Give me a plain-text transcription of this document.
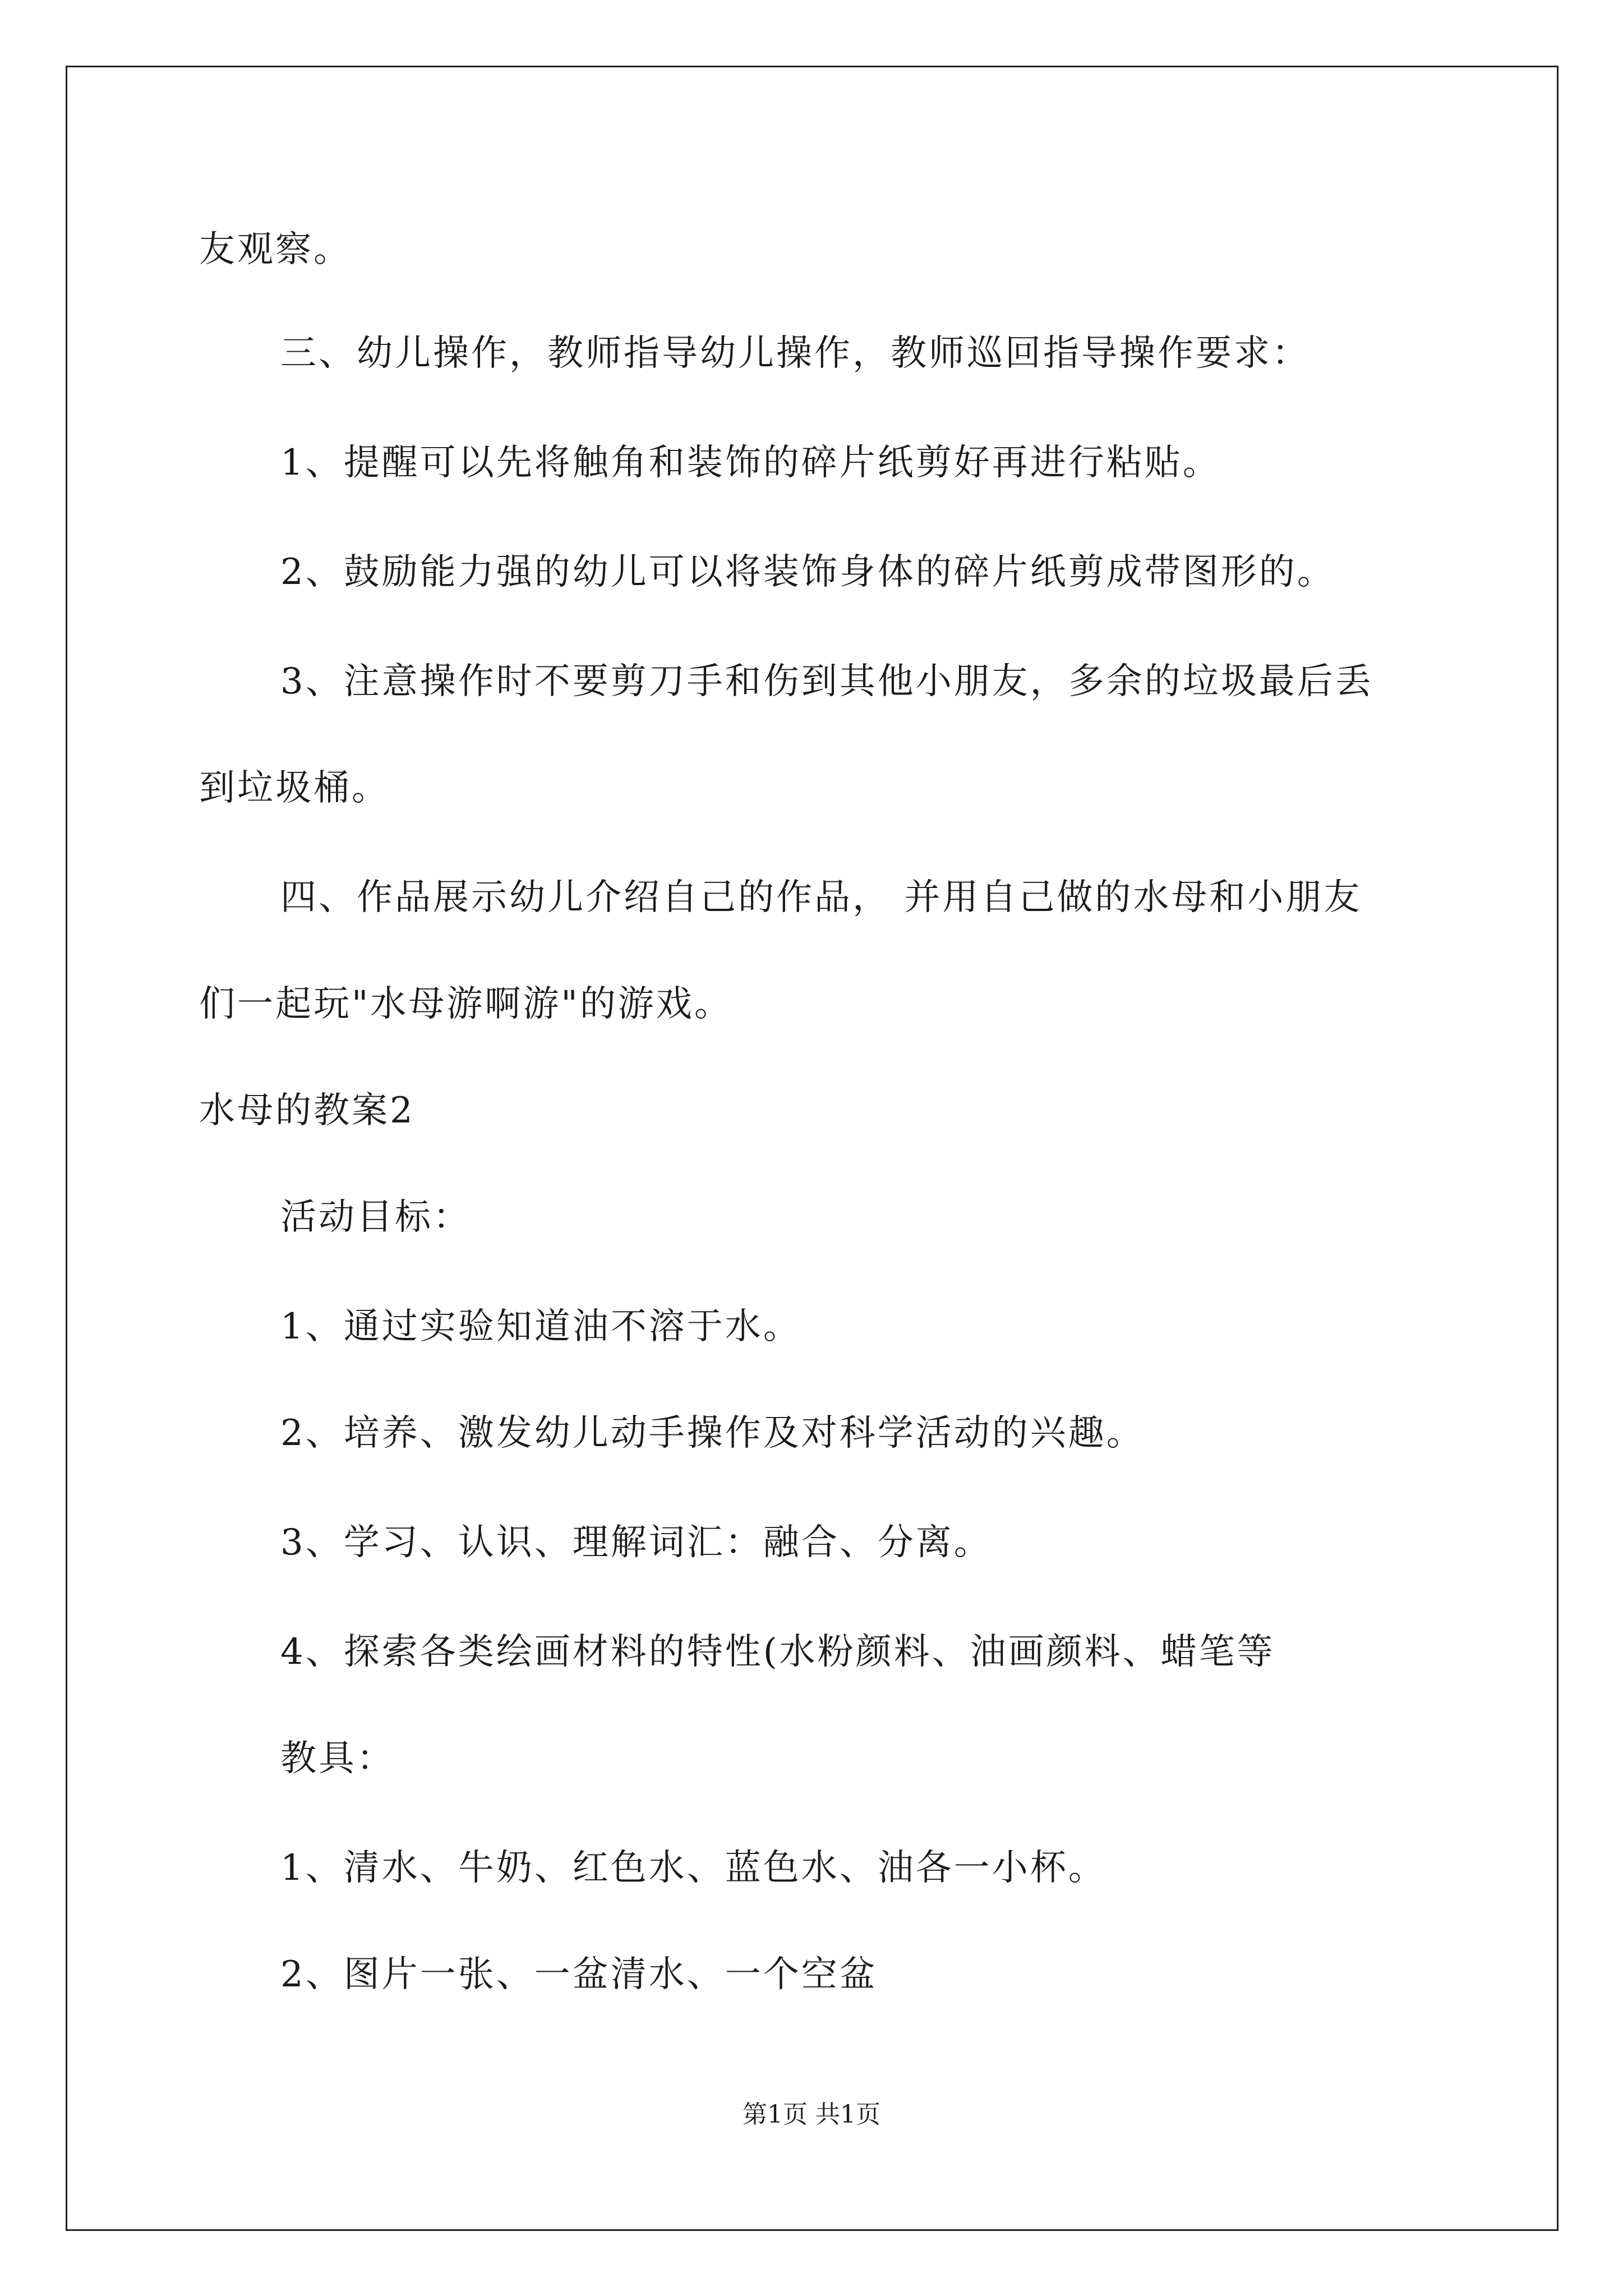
友观察。
三、幼儿操作，教师指导幼儿操作，教师巡回指导操作要求：
1、提醒可以先将触角和装饰的碎片纸剪好再进行粘贴。
2、鼓励能力强的幼儿可以将装饰身体的碎片纸剪成带图形的。
3、注意操作时不要剪刀手和伤到其他小朋友，多余的垃圾最后丢
到垃圾桶。
四、作品展示幼儿介绍自己的作品， 并用自己做的水母和小朋友
们一起玩"水母游啊游"的游戏。
水母的教案2
活动目标：
1、通过实验知道油不溶于水。
2、培养、激发幼儿动手操作及对科学活动的兴趣。
3、学习、认识、理解词汇：融合、分离。
4、探索各类绘画材料的特性(水粉颜料、油画颜料、蜡笔等
教具：
1、清水、牛奶、红色水、蓝色水、油各一小杯。
2、图片一张、一盆清水、一个空盆
第1页 共1页
